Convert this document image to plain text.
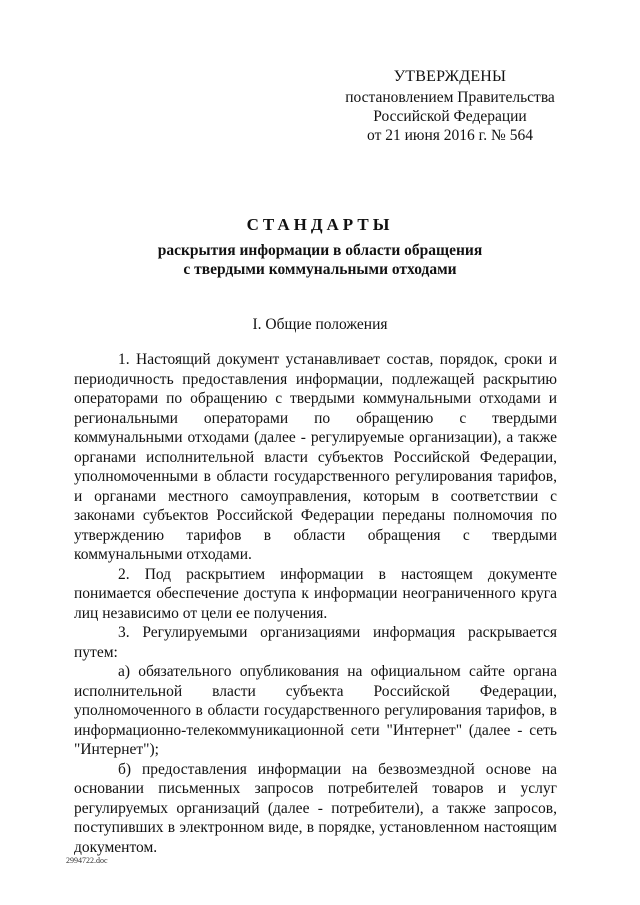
УТВЕРЖДЕНЫ
постановлением Правительства
Российской Федерации
от 21 июня 2016 г. № 564
СТАНДАРТЫ
раскрытия информации в области обращения
с твердыми коммунальными отходами
I. Общие положения

1. Настоящий документ устанавливает состав, порядок, сроки и периодичность предоставления информации, подлежащей раскрытию операторами по обращению с твердыми коммунальными отходами и региональными операторами по обращению с твердыми коммунальными отходами (далее - регулируемые организации), а также органами исполнительной власти субъектов Российской Федерации, уполномоченными в области государственного регулирования тарифов, и органами местного самоуправления, которым в соответствии с законами субъектов Российской Федерации переданы полномочия по утверждению тарифов в области обращения с твердыми коммунальными отходами.

2. Под раскрытием информации в настоящем документе понимается обеспечение доступа к информации неограниченного круга лиц независимо от цели ее получения.

3. Регулируемыми организациями информация раскрывается путем:

а) обязательного опубликования на официальном сайте органа исполнительной власти субъекта Российской Федерации, уполномоченного в области государственного регулирования тарифов, в информационно-телекоммуникационной сети "Интернет" (далее - сеть "Интернет");

б) предоставления информации на безвозмездной основе на основании письменных запросов потребителей товаров и услуг регулируемых организаций (далее - потребители), а также запросов, поступивших в электронном виде, в порядке, установленном настоящим документом.

2994722.doc
